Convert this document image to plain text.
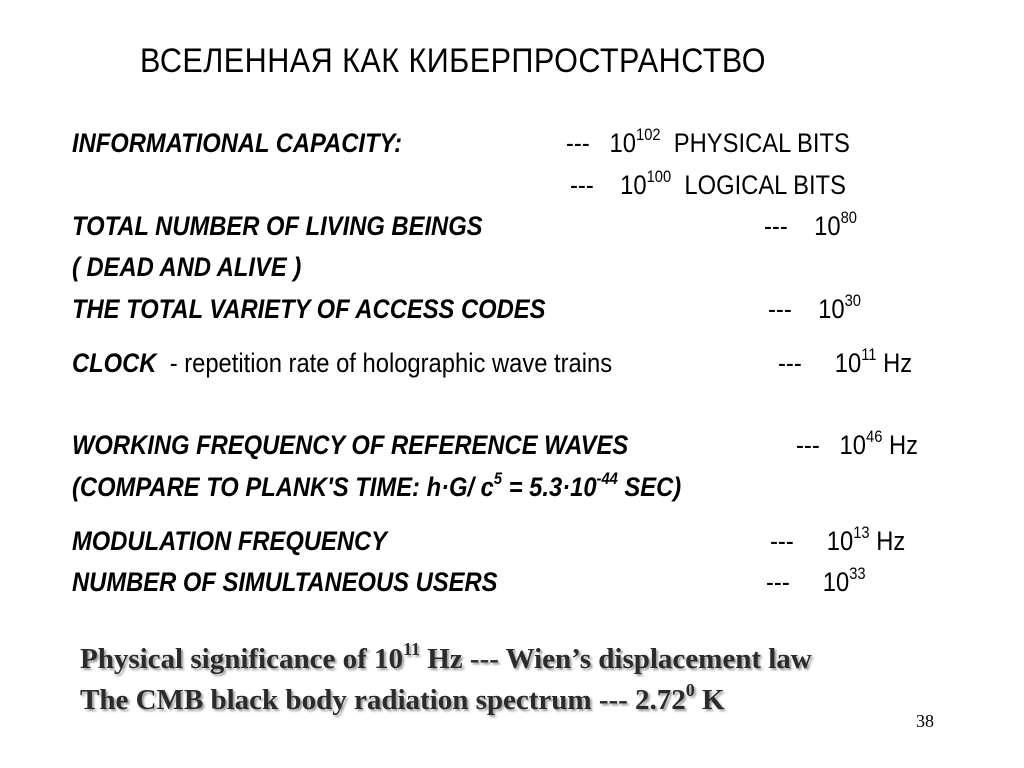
ВСЕЛЕННАЯ КАК КИБЕРПРОСТРАНСТВО
INFORMATIONAL CAPACITY:	--- $10^{102}$ PHYSICAL BITS
--- $10^{100}$ LOGICAL BITS
TOTAL NUMBER OF LIVING BEINGS	--- $10^{80}$
( DEAD AND ALIVE )
THE TOTAL VARIETY OF ACCESS CODES	--- $10^{30}$
CLOCK - repetition rate of holographic wave trains	--- $10^{11}$ Hz
WORKING FREQUENCY OF REFERENCE WAVES	--- $10^{46}$ Hz
(COMPARE TO PLANK'S TIME: h·G/ $c^5 = 5.3\cdot 10^{-44}$ SEC)
MODULATION FREQUENCY	--- $10^{13}$ Hz
NUMBER OF SIMULTANEOUS USERS	--- $10^{33}$
Physical significance of $10^{11}$ Hz --- Wien’s displacement law
The CMB black body radiation spectrum --- 2.72$^0$ K
38
